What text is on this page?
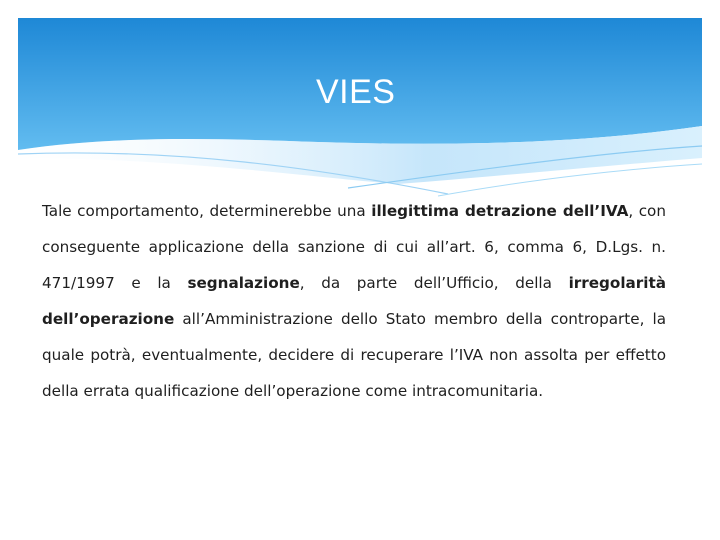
VIES

Tale comportamento, determinerebbe una illegittima detrazione dell’IVA, con conseguente applicazione della sanzione di cui all’art. 6, comma 6, D.Lgs. n. 471/1997 e la segnalazione, da parte dell’Ufficio, della irregolarità dell’operazione all’Amministrazione dello Stato membro della controparte, la quale potrà, eventualmente, decidere di recuperare l’IVA non assolta per effetto della errata qualificazione dell’operazione come intracomunitaria.
